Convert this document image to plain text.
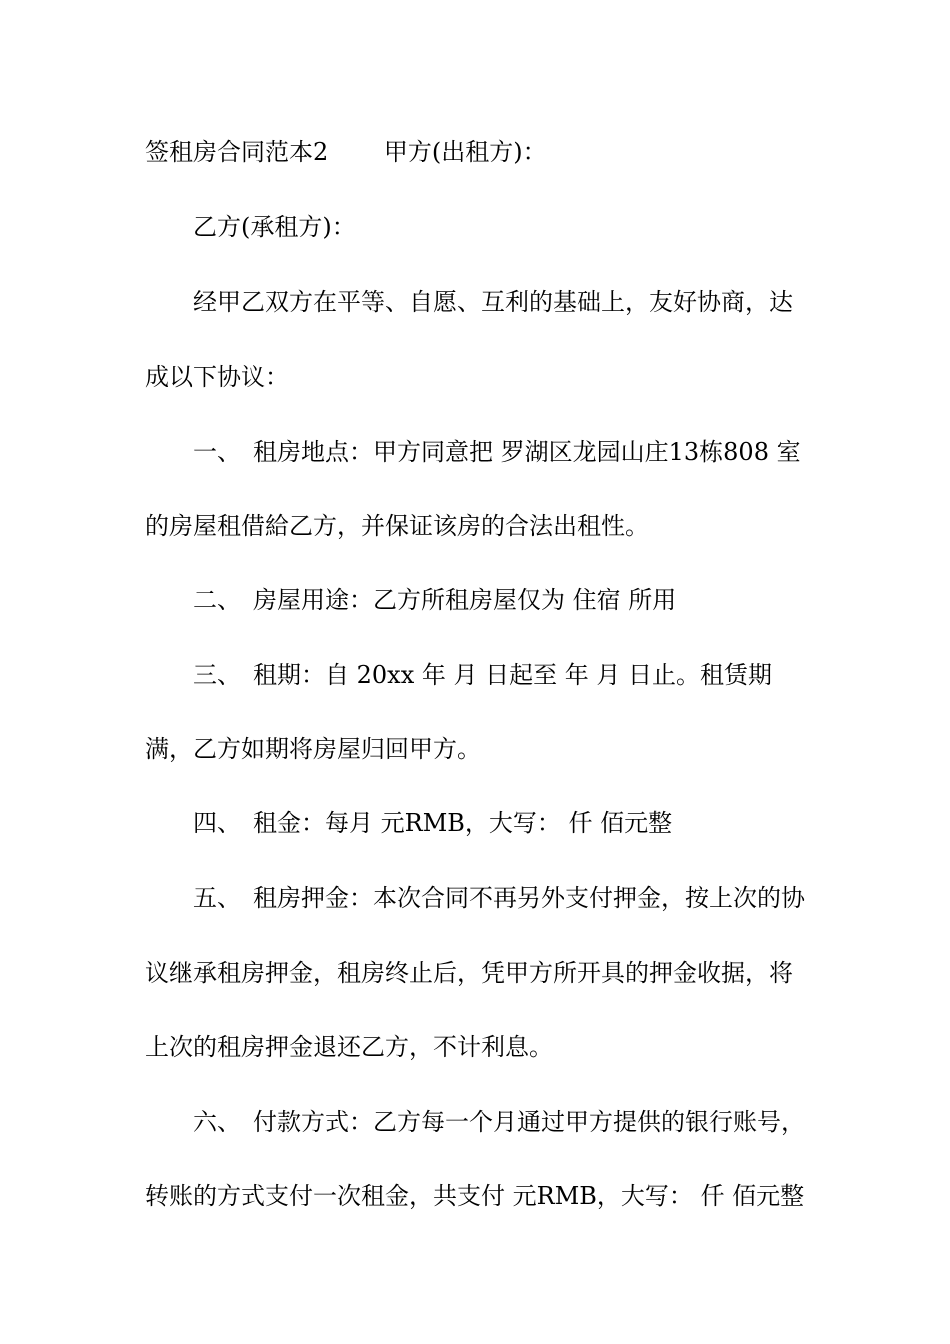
签租房合同范本2　　 甲方(出租方)：
乙方(承租方)：
经甲乙双方在平等、自愿、互利的基础上，友好协商，达
成以下协议：
一、　租房地点：甲方同意把 罗湖区龙园山庄13栋808 室
的房屋租借給乙方，并保证该房的合法出租性。
二、　房屋用途：乙方所租房屋仅为 住宿 所用
三、　租期：自 20xx 年 月 日起至 年 月 日止。租赁期
满，乙方如期将房屋归回甲方。
四、　租金：每月 元RMB，大写： 仟 佰元整
五、　租房押金：本次合同不再另外支付押金，按上次的协
议继承租房押金，租房终止后，凭甲方所开具的押金收据，将
上次的租房押金退还乙方，不计利息。
六、　付款方式：乙方每一个月通过甲方提供的银行账号，
转账的方式支付一次租金，共支付 元RMB，大写： 仟 佰元整
